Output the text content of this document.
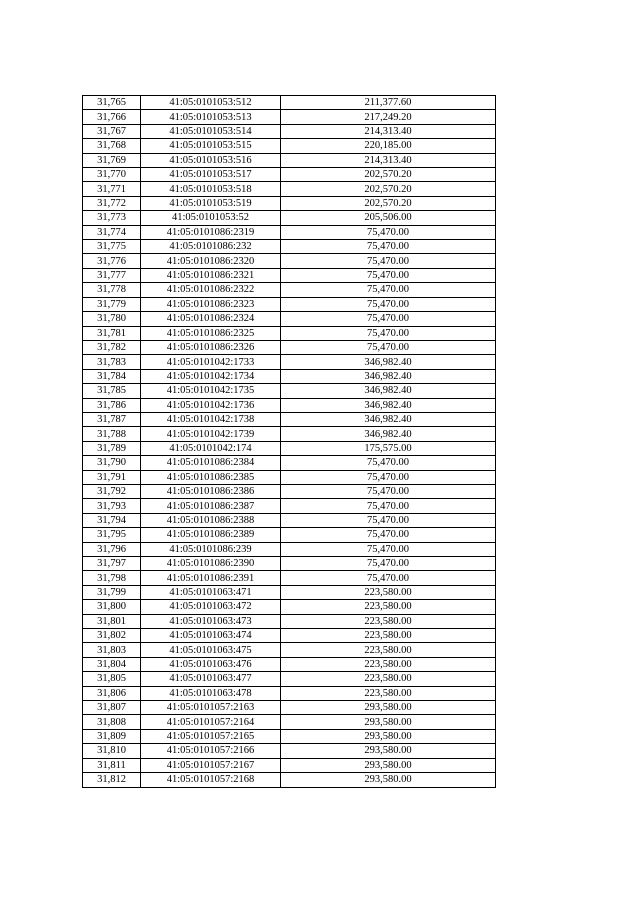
31,765	41:05:0101053:512	211,377.60
31,766	41:05:0101053:513	217,249.20
31,767	41:05:0101053:514	214,313.40
31,768	41:05:0101053:515	220,185.00
31,769	41:05:0101053:516	214,313.40
31,770	41:05:0101053:517	202,570.20
31,771	41:05:0101053:518	202,570.20
31,772	41:05:0101053:519	202,570.20
31,773	41:05:0101053:52	205,506.00
31,774	41:05:0101086:2319	75,470.00
31,775	41:05:0101086:232	75,470.00
31,776	41:05:0101086:2320	75,470.00
31,777	41:05:0101086:2321	75,470.00
31,778	41:05:0101086:2322	75,470.00
31,779	41:05:0101086:2323	75,470.00
31,780	41:05:0101086:2324	75,470.00
31,781	41:05:0101086:2325	75,470.00
31,782	41:05:0101086:2326	75,470.00
31,783	41:05:0101042:1733	346,982.40
31,784	41:05:0101042:1734	346,982.40
31,785	41:05:0101042:1735	346,982.40
31,786	41:05:0101042:1736	346,982.40
31,787	41:05:0101042:1738	346,982.40
31,788	41:05:0101042:1739	346,982.40
31,789	41:05:0101042:174	175,575.00
31,790	41:05:0101086:2384	75,470.00
31,791	41:05:0101086:2385	75,470.00
31,792	41:05:0101086:2386	75,470.00
31,793	41:05:0101086:2387	75,470.00
31,794	41:05:0101086:2388	75,470.00
31,795	41:05:0101086:2389	75,470.00
31,796	41:05:0101086:239	75,470.00
31,797	41:05:0101086:2390	75,470.00
31,798	41:05:0101086:2391	75,470.00
31,799	41:05:0101063:471	223,580.00
31,800	41:05:0101063:472	223,580.00
31,801	41:05:0101063:473	223,580.00
31,802	41:05:0101063:474	223,580.00
31,803	41:05:0101063:475	223,580.00
31,804	41:05:0101063:476	223,580.00
31,805	41:05:0101063:477	223,580.00
31,806	41:05:0101063:478	223,580.00
31,807	41:05:0101057:2163	293,580.00
31,808	41:05:0101057:2164	293,580.00
31,809	41:05:0101057:2165	293,580.00
31,810	41:05:0101057:2166	293,580.00
31,811	41:05:0101057:2167	293,580.00
31,812	41:05:0101057:2168	293,580.00
